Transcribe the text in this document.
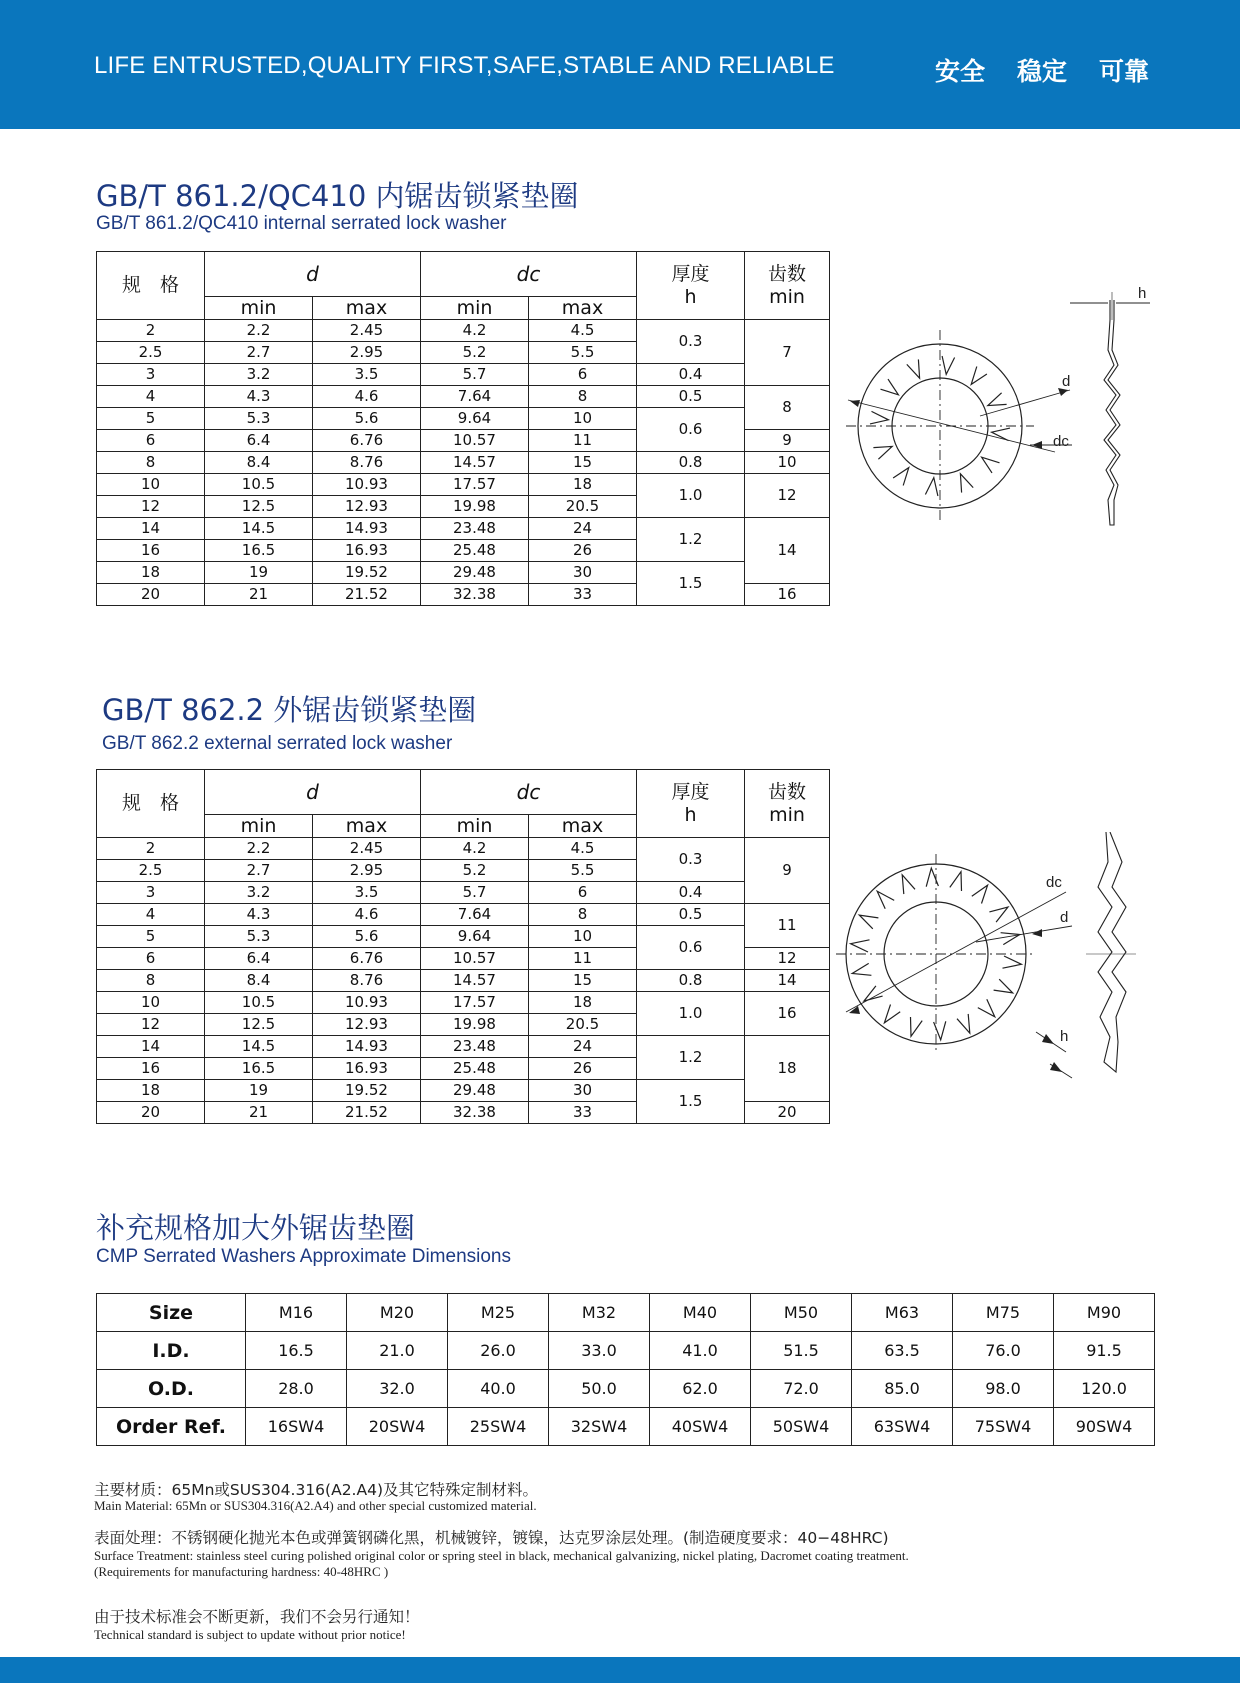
LIFE ENTRUSTED,QUALITY FIRST,SAFE,STABLE AND RELIABLE	安全 稳定 可靠
GB/T 861.2/QC410 内锯齿锁紧垫圈
GB/T 861.2/QC410 internal serrated lock washer
规　格	d		dc		厚度
h	齿数
min
	min	max	min	max		
2	2.2	2.45	4.2	4.5	0.3	7
2.5	2.7	2.95	5.2	5.5		
3	3.2	3.5	5.7	6	0.4	
4	4.3	4.6	7.64	8	0.5	8
5	5.3	5.6	9.64	10	0.6	
6	6.4	6.76	10.57	11		9
8	8.4	8.76	14.57	15	0.8	10
10	10.5	10.93	17.57	18	1.0	12
12	12.5	12.93	19.98	20.5		
14	14.5	14.93	23.48	24	1.2	14
16	16.5	16.93	25.48	26		
18	19	19.52	29.48	30	1.5	
20	21	21.52	32.38	33		16
d
dc
h
GB/T 862.2 外锯齿锁紧垫圈
GB/T 862.2 external serrated lock washer
规　格	d		dc		厚度
h	齿数
min
	min	max	min	max		
2	2.2	2.45	4.2	4.5	0.3	9
2.5	2.7	2.95	5.2	5.5		
3	3.2	3.5	5.7	6	0.4	
4	4.3	4.6	7.64	8	0.5	11
5	5.3	5.6	9.64	10	0.6	
6	6.4	6.76	10.57	11		12
8	8.4	8.76	14.57	15	0.8	14
10	10.5	10.93	17.57	18	1.0	16
12	12.5	12.93	19.98	20.5		
14	14.5	14.93	23.48	24	1.2	18
16	16.5	16.93	25.48	26		
18	19	19.52	29.48	30	1.5	
20	21	21.52	32.38	33		20
dc
d
h
补充规格加大外锯齿垫圈
CMP Serrated Washers Approximate Dimensions
Size	M16	M20	M25	M32	M40	M50	M63	M75	M90
I.D.	16.5	21.0	26.0	33.0	41.0	51.5	63.5	76.0	91.5
O.D.	28.0	32.0	40.0	50.0	62.0	72.0	85.0	98.0	120.0
Order Ref.	16SW4	20SW4	25SW4	32SW4	40SW4	50SW4	63SW4	75SW4	90SW4
主要材质：65Mn或SUS304.316(A2.A4)及其它特殊定制材料。
Main Material: 65Mn or SUS304.316(A2.A4) and other special customized material.
表面处理：不锈钢硬化抛光本色或弹簧钢磷化黑，机械镀锌，镀镍，达克罗涂层处理。(制造硬度要求：40−48HRC)
Surface Treatment: stainless steel curing polished original color or spring steel in black, mechanical galvanizing, nickel plating, Dacromet coating treatment.
(Requirements for manufacturing hardness: 40-48HRC )
由于技术标准会不断更新，我们不会另行通知！
Technical standard is subject to update without prior notice!
